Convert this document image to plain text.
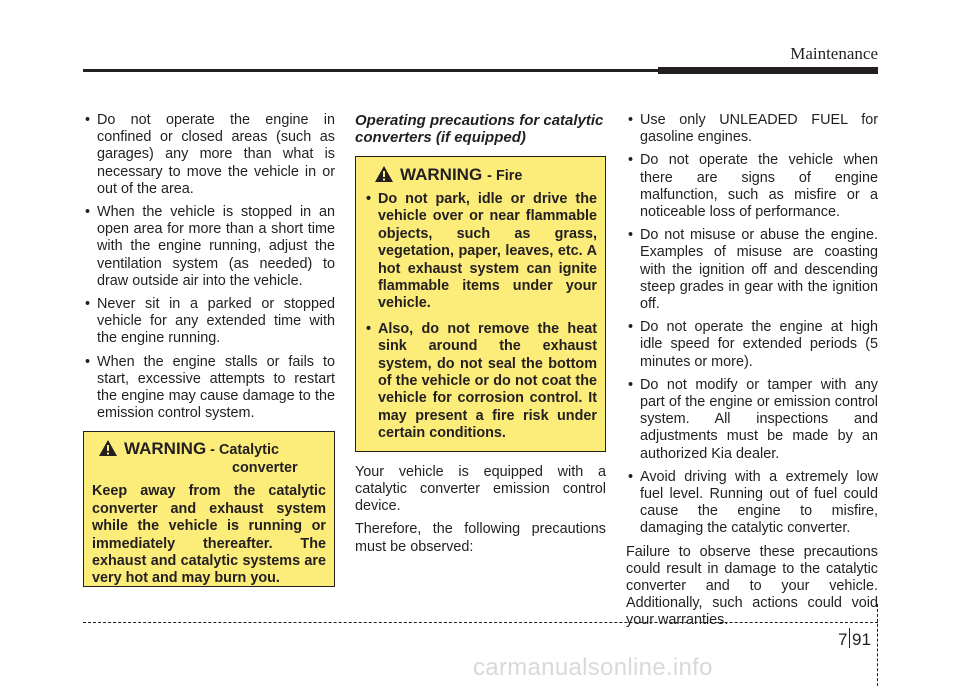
Maintenance
• Do not operate the engine in confined or closed areas (such as garages) any more than what is necessary to move the vehicle in or out of the area.
• When the vehicle is stopped in an open area for more than a short time with the engine running, adjust the ventilation system (as needed) to draw outside air into the vehicle.
• Never sit in a parked or stopped vehicle for any extended time with the engine running.
• When the engine stalls or fails to start, excessive attempts to restart the engine may cause damage to the emission control system.
WARNING - Catalytic
converter
Keep away from the catalytic converter and exhaust system while the vehicle is running or immediately thereafter. The exhaust and catalytic systems are very hot and may burn you.
Operating precautions for catalytic converters (if equipped)
WARNING - Fire
• Do not park, idle or drive the vehicle over or near flammable objects, such as grass, vegetation, paper, leaves, etc. A hot exhaust system can ignite flammable items under your vehicle.
• Also, do not remove the heat sink around the exhaust system, do not seal the bottom of the vehicle or do not coat the vehicle for corrosion control. It may present a fire risk under certain conditions.

Your vehicle is equipped with a catalytic converter emission control device.

Therefore, the following precautions must be observed:

• Use only UNLEADED FUEL for gasoline engines.
• Do not operate the vehicle when there are signs of engine malfunction, such as misfire or a noticeable loss of performance.
• Do not misuse or abuse the engine. Examples of misuse are coasting with the ignition off and descending steep grades in gear with the ignition off.
• Do not operate the engine at high idle speed for extended periods (5 minutes or more).
• Do not modify or tamper with any part of the engine or emission control system. All inspections and adjustments must be made by an authorized Kia dealer.
• Avoid driving with a extremely low fuel level. Running out of fuel could cause the engine to misfire, damaging the catalytic converter.

Failure to observe these precautions could result in damage to the catalytic converter and to your vehicle. Additionally, such actions could void your warranties.

7 91
carmanualsonline.info
